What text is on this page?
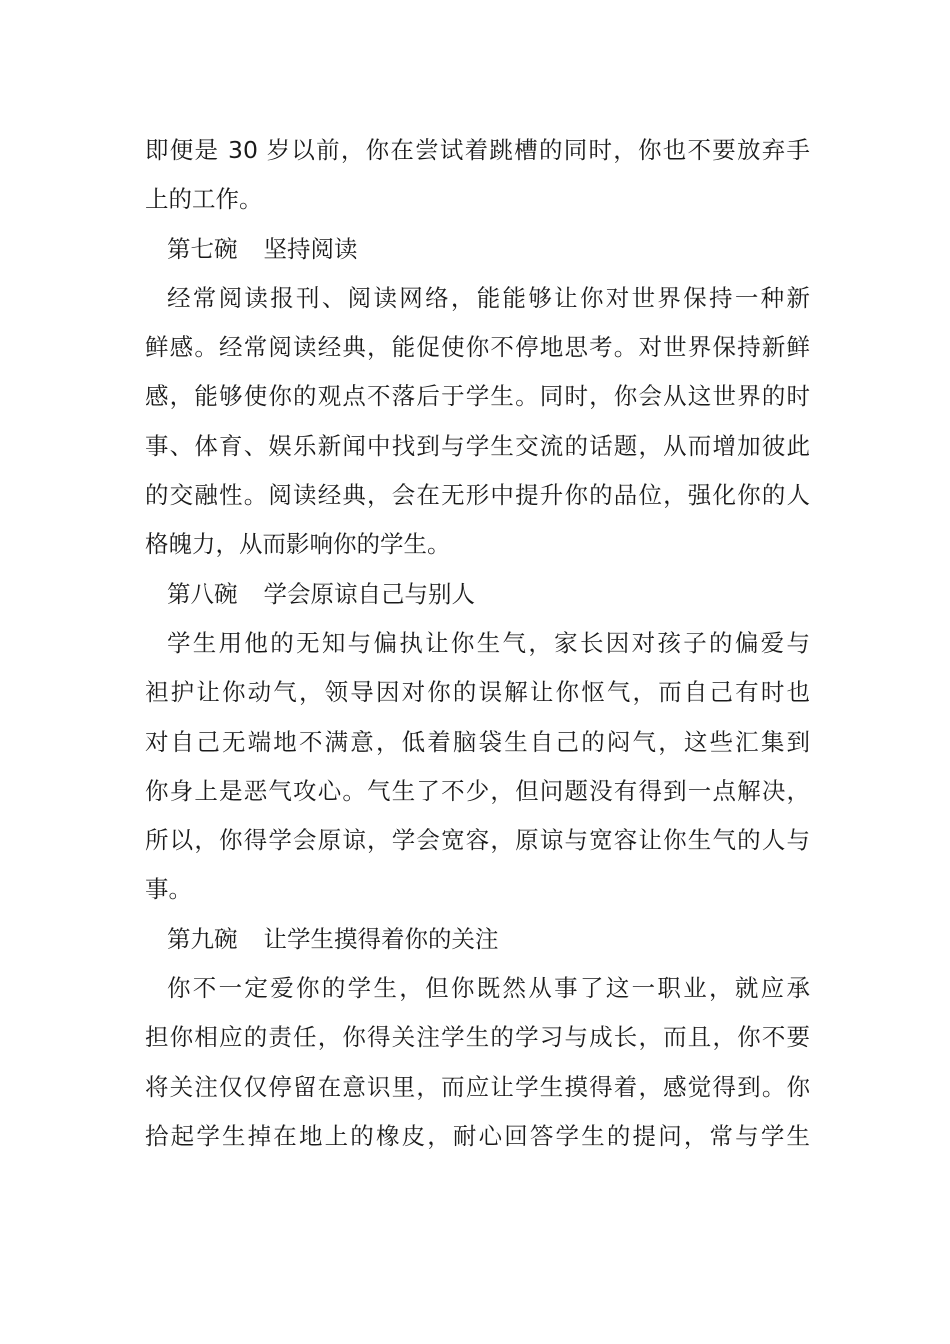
即便是 30 岁以前，你在尝试着跳槽的同时，你也不要放弃手
上的工作。
第七碗 坚持阅读
经常阅读报刊、阅读网络，能能够让你对世界保持一种新
鲜感。经常阅读经典，能促使你不停地思考。对世界保持新鲜
感，能够使你的观点不落后于学生。同时，你会从这世界的时
事、体育、娱乐新闻中找到与学生交流的话题，从而增加彼此
的交融性。阅读经典，会在无形中提升你的品位，强化你的人
格魄力，从而影响你的学生。
第八碗 学会原谅自己与别人
学生用他的无知与偏执让你生气，家长因对孩子的偏爱与
袒护让你动气，领导因对你的误解让你怄气，而自己有时也
对自己无端地不满意，低着脑袋生自己的闷气，这些汇集到
你身上是恶气攻心。气生了不少，但问题没有得到一点解决，
所以，你得学会原谅，学会宽容，原谅与宽容让你生气的人与
事。
第九碗 让学生摸得着你的关注
你不一定爱你的学生，但你既然从事了这一职业，就应承
担你相应的责任，你得关注学生的学习与成长，而且，你不要
将关注仅仅停留在意识里，而应让学生摸得着，感觉得到。你
拾起学生掉在地上的橡皮，耐心回答学生的提问，常与学生
